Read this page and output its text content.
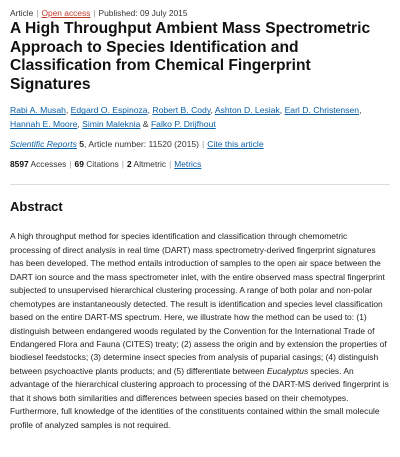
Article | Open access | Published: 09 July 2015
A High Throughput Ambient Mass Spectrometric Approach to Species Identification and Classification from Chemical Fingerprint Signatures
Rabi A. Musah, Edgard O. Espinoza, Robert B. Cody, Ashton D. Lesiak, Earl D. Christensen, Hannah E. Moore, Simin Maleknia & Falko P. Drijfhout
Scientific Reports 5, Article number: 11520 (2015) | Cite this article
8597 Accesses | 69 Citations | 2 Altmetric | Metrics
Abstract

A high throughput method for species identification and classification through chemometric processing of direct analysis in real time (DART) mass spectrometry-derived fingerprint signatures has been developed. The method entails introduction of samples to the open air space between the DART ion source and the mass spectrometer inlet, with the entire observed mass spectral fingerprint subjected to unsupervised hierarchical clustering processing. A range of both polar and non-polar chemotypes are instantaneously detected. The result is identification and species level classification based on the entire DART-MS spectrum. Here, we illustrate how the method can be used to: (1) distinguish between endangered woods regulated by the Convention for the International Trade of Endangered Flora and Fauna (CITES) treaty; (2) assess the origin and by extension the properties of biodiesel feedstocks; (3) determine insect species from analysis of puparial casings; (4) distinguish between psychoactive plants products; and (5) differentiate between Eucalyptus species. An advantage of the hierarchical clustering approach to processing of the DART-MS derived fingerprint is that it shows both similarities and differences between species based on their chemotypes. Furthermore, full knowledge of the identities of the constituents contained within the small molecule profile of analyzed samples is not required.
